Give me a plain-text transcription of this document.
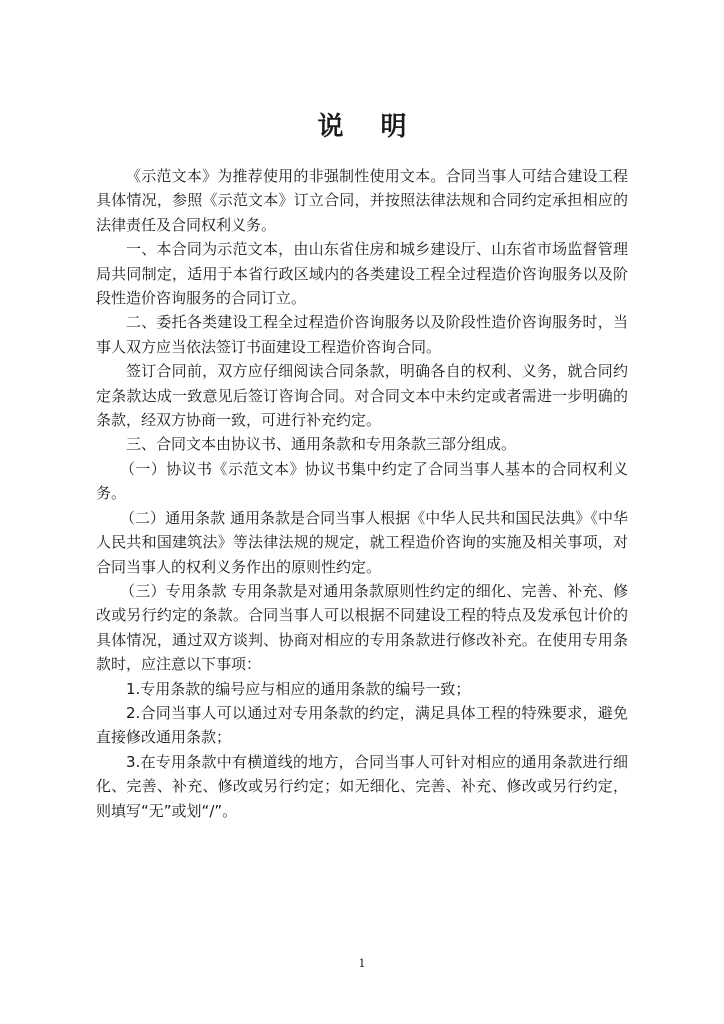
说 明

《示范文本》为推荐使用的非强制性使用文本。合同当事人可结合建设工程具体情况，参照《示范文本》订立合同，并按照法律法规和合同约定承担相应的法律责任及合同权利义务。

一、本合同为示范文本，由山东省住房和城乡建设厅、山东省市场监督管理局共同制定，适用于本省行政区域内的各类建设工程全过程造价咨询服务以及阶段性造价咨询服务的合同订立。

二、委托各类建设工程全过程造价咨询服务以及阶段性造价咨询服务时，当事人双方应当依法签订书面建设工程造价咨询合同。

签订合同前，双方应仔细阅读合同条款，明确各自的权利、义务，就合同约定条款达成一致意见后签订咨询合同。对合同文本中未约定或者需进一步明确的条款，经双方协商一致，可进行补充约定。

三、合同文本由协议书、通用条款和专用条款三部分组成。

（一）协议书《示范文本》协议书集中约定了合同当事人基本的合同权利义务。

（二）通用条款 通用条款是合同当事人根据《中华人民共和国民法典》《中华人民共和国建筑法》等法律法规的规定，就工程造价咨询的实施及相关事项，对合同当事人的权利义务作出的原则性约定。

（三）专用条款 专用条款是对通用条款原则性约定的细化、完善、补充、修改或另行约定的条款。合同当事人可以根据不同建设工程的特点及发承包计价的具体情况，通过双方谈判、协商对相应的专用条款进行修改补充。在使用专用条款时，应注意以下事项：

1.专用条款的编号应与相应的通用条款的编号一致；

2.合同当事人可以通过对专用条款的约定，满足具体工程的特殊要求，避免直接修改通用条款；

3.在专用条款中有横道线的地方，合同当事人可针对相应的通用条款进行细化、完善、补充、修改或另行约定；如无细化、完善、补充、修改或另行约定，则填写“无”或划“/”。

1
